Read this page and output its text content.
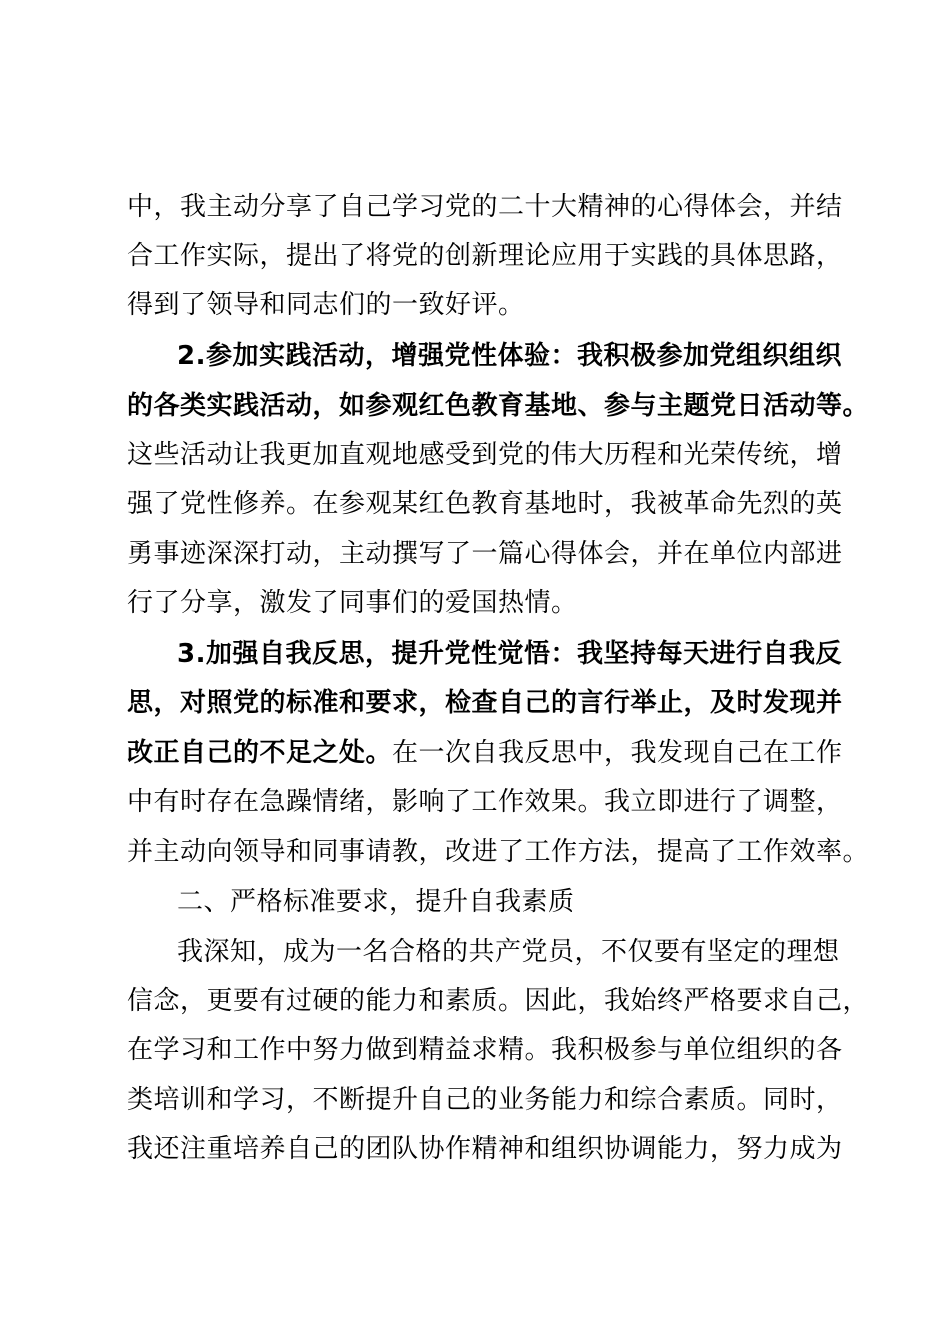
中，我主动分享了自己学习党的二十大精神的心得体会，并结
合工作实际，提出了将党的创新理论应用于实践的具体思路，
得到了领导和同志们的一致好评。
2.参加实践活动，增强党性体验：我积极参加党组织组织
的各类实践活动，如参观红色教育基地、参与主题党日活动等。
这些活动让我更加直观地感受到党的伟大历程和光荣传统，增
强了党性修养。在参观某红色教育基地时，我被革命先烈的英
勇事迹深深打动，主动撰写了一篇心得体会，并在单位内部进
行了分享，激发了同事们的爱国热情。
3.加强自我反思，提升党性觉悟：我坚持每天进行自我反
思，对照党的标准和要求，检查自己的言行举止，及时发现并
改正自己的不足之处。在一次自我反思中，我发现自己在工作
中有时存在急躁情绪，影响了工作效果。我立即进行了调整，
并主动向领导和同事请教，改进了工作方法，提高了工作效率。
二、严格标准要求，提升自我素质
我深知，成为一名合格的共产党员，不仅要有坚定的理想
信念，更要有过硬的能力和素质。因此，我始终严格要求自己，
在学习和工作中努力做到精益求精。我积极参与单位组织的各
类培训和学习，不断提升自己的业务能力和综合素质。同时，
我还注重培养自己的团队协作精神和组织协调能力，努力成为
